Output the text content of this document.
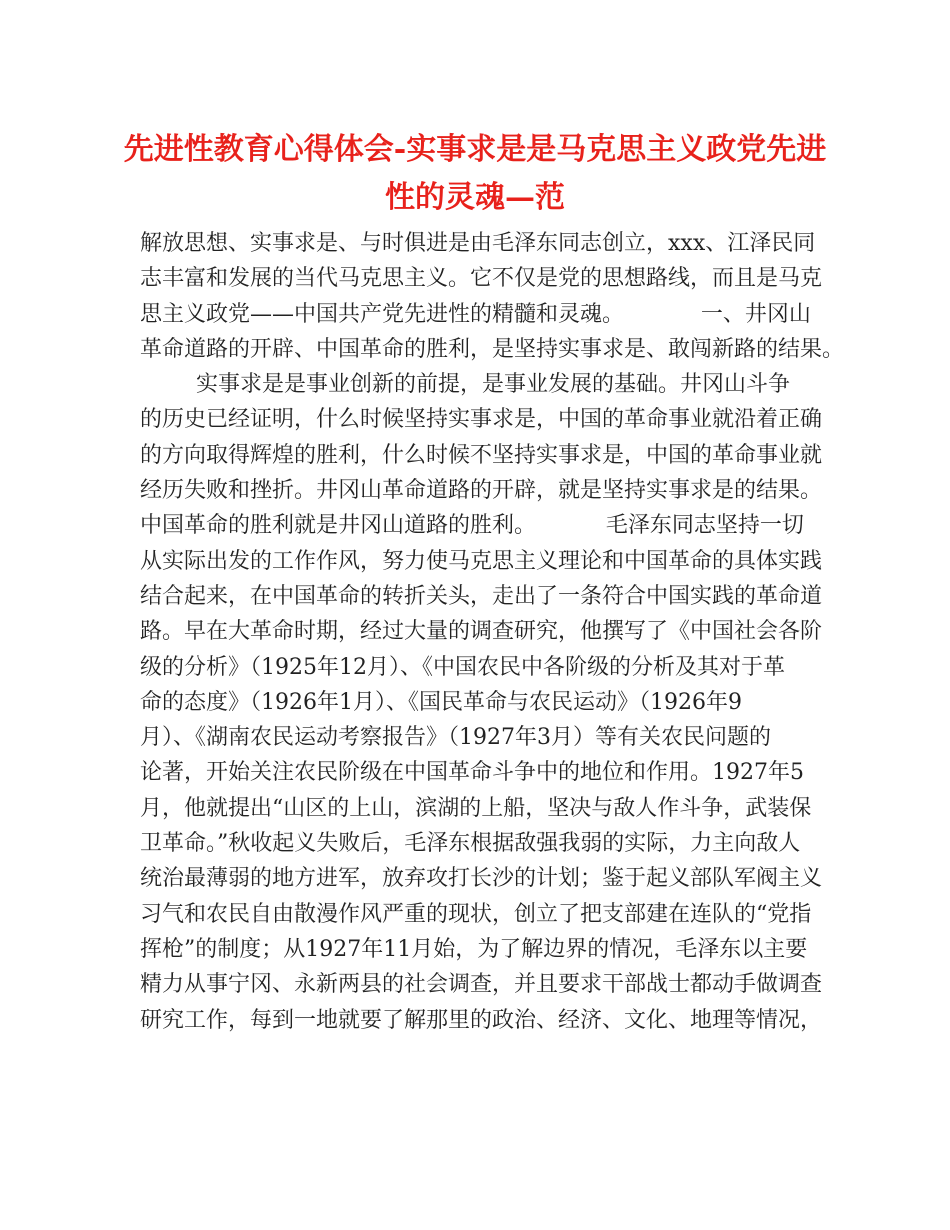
先进性教育心得体会-实事求是是马克思主义政党先进
性的灵魂—范
解放思想、实事求是、与时俱进是由毛泽东同志创立，xxx、江泽民同
志丰富和发展的当代马克思主义。它不仅是党的思想路线，而且是马克
思主义政党——中国共产党先进性的精髓和灵魂。           一、井冈山
革命道路的开辟、中国革命的胜利，是坚持实事求是、敢闯新路的结果。
实事求是是事业创新的前提，是事业发展的基础。井冈山斗争
的历史已经证明，什么时候坚持实事求是，中国的革命事业就沿着正确
的方向取得辉煌的胜利，什么时候不坚持实事求是，中国的革命事业就
经历失败和挫折。井冈山革命道路的开辟，就是坚持实事求是的结果。
中国革命的胜利就是井冈山道路的胜利。          毛泽东同志坚持一切
从实际出发的工作作风，努力使马克思主义理论和中国革命的具体实践
结合起来，在中国革命的转折关头，走出了一条符合中国实践的革命道
路。早在大革命时期，经过大量的调查研究，他撰写了《中国社会各阶
级的分析》（1925年12月）、《中国农民中各阶级的分析及其对于革
命的态度》（1926年1月）、《国民革命与农民运动》（1926年9
月）、《湖南农民运动考察报告》（1927年3月）等有关农民问题的
论著，开始关注农民阶级在中国革命斗争中的地位和作用。1927年5
月，他就提出“山区的上山，滨湖的上船，坚决与敌人作斗争，武装保
卫革命。”秋收起义失败后，毛泽东根据敌强我弱的实际，力主向敌人
统治最薄弱的地方进军，放弃攻打长沙的计划；鉴于起义部队军阀主义
习气和农民自由散漫作风严重的现状，创立了把支部建在连队的“党指
挥枪”的制度；从1927年11月始，为了解边界的情况，毛泽东以主要
精力从事宁冈、永新两县的社会调查，并且要求干部战士都动手做调查
研究工作，每到一地就要了解那里的政治、经济、文化、地理等情况，
